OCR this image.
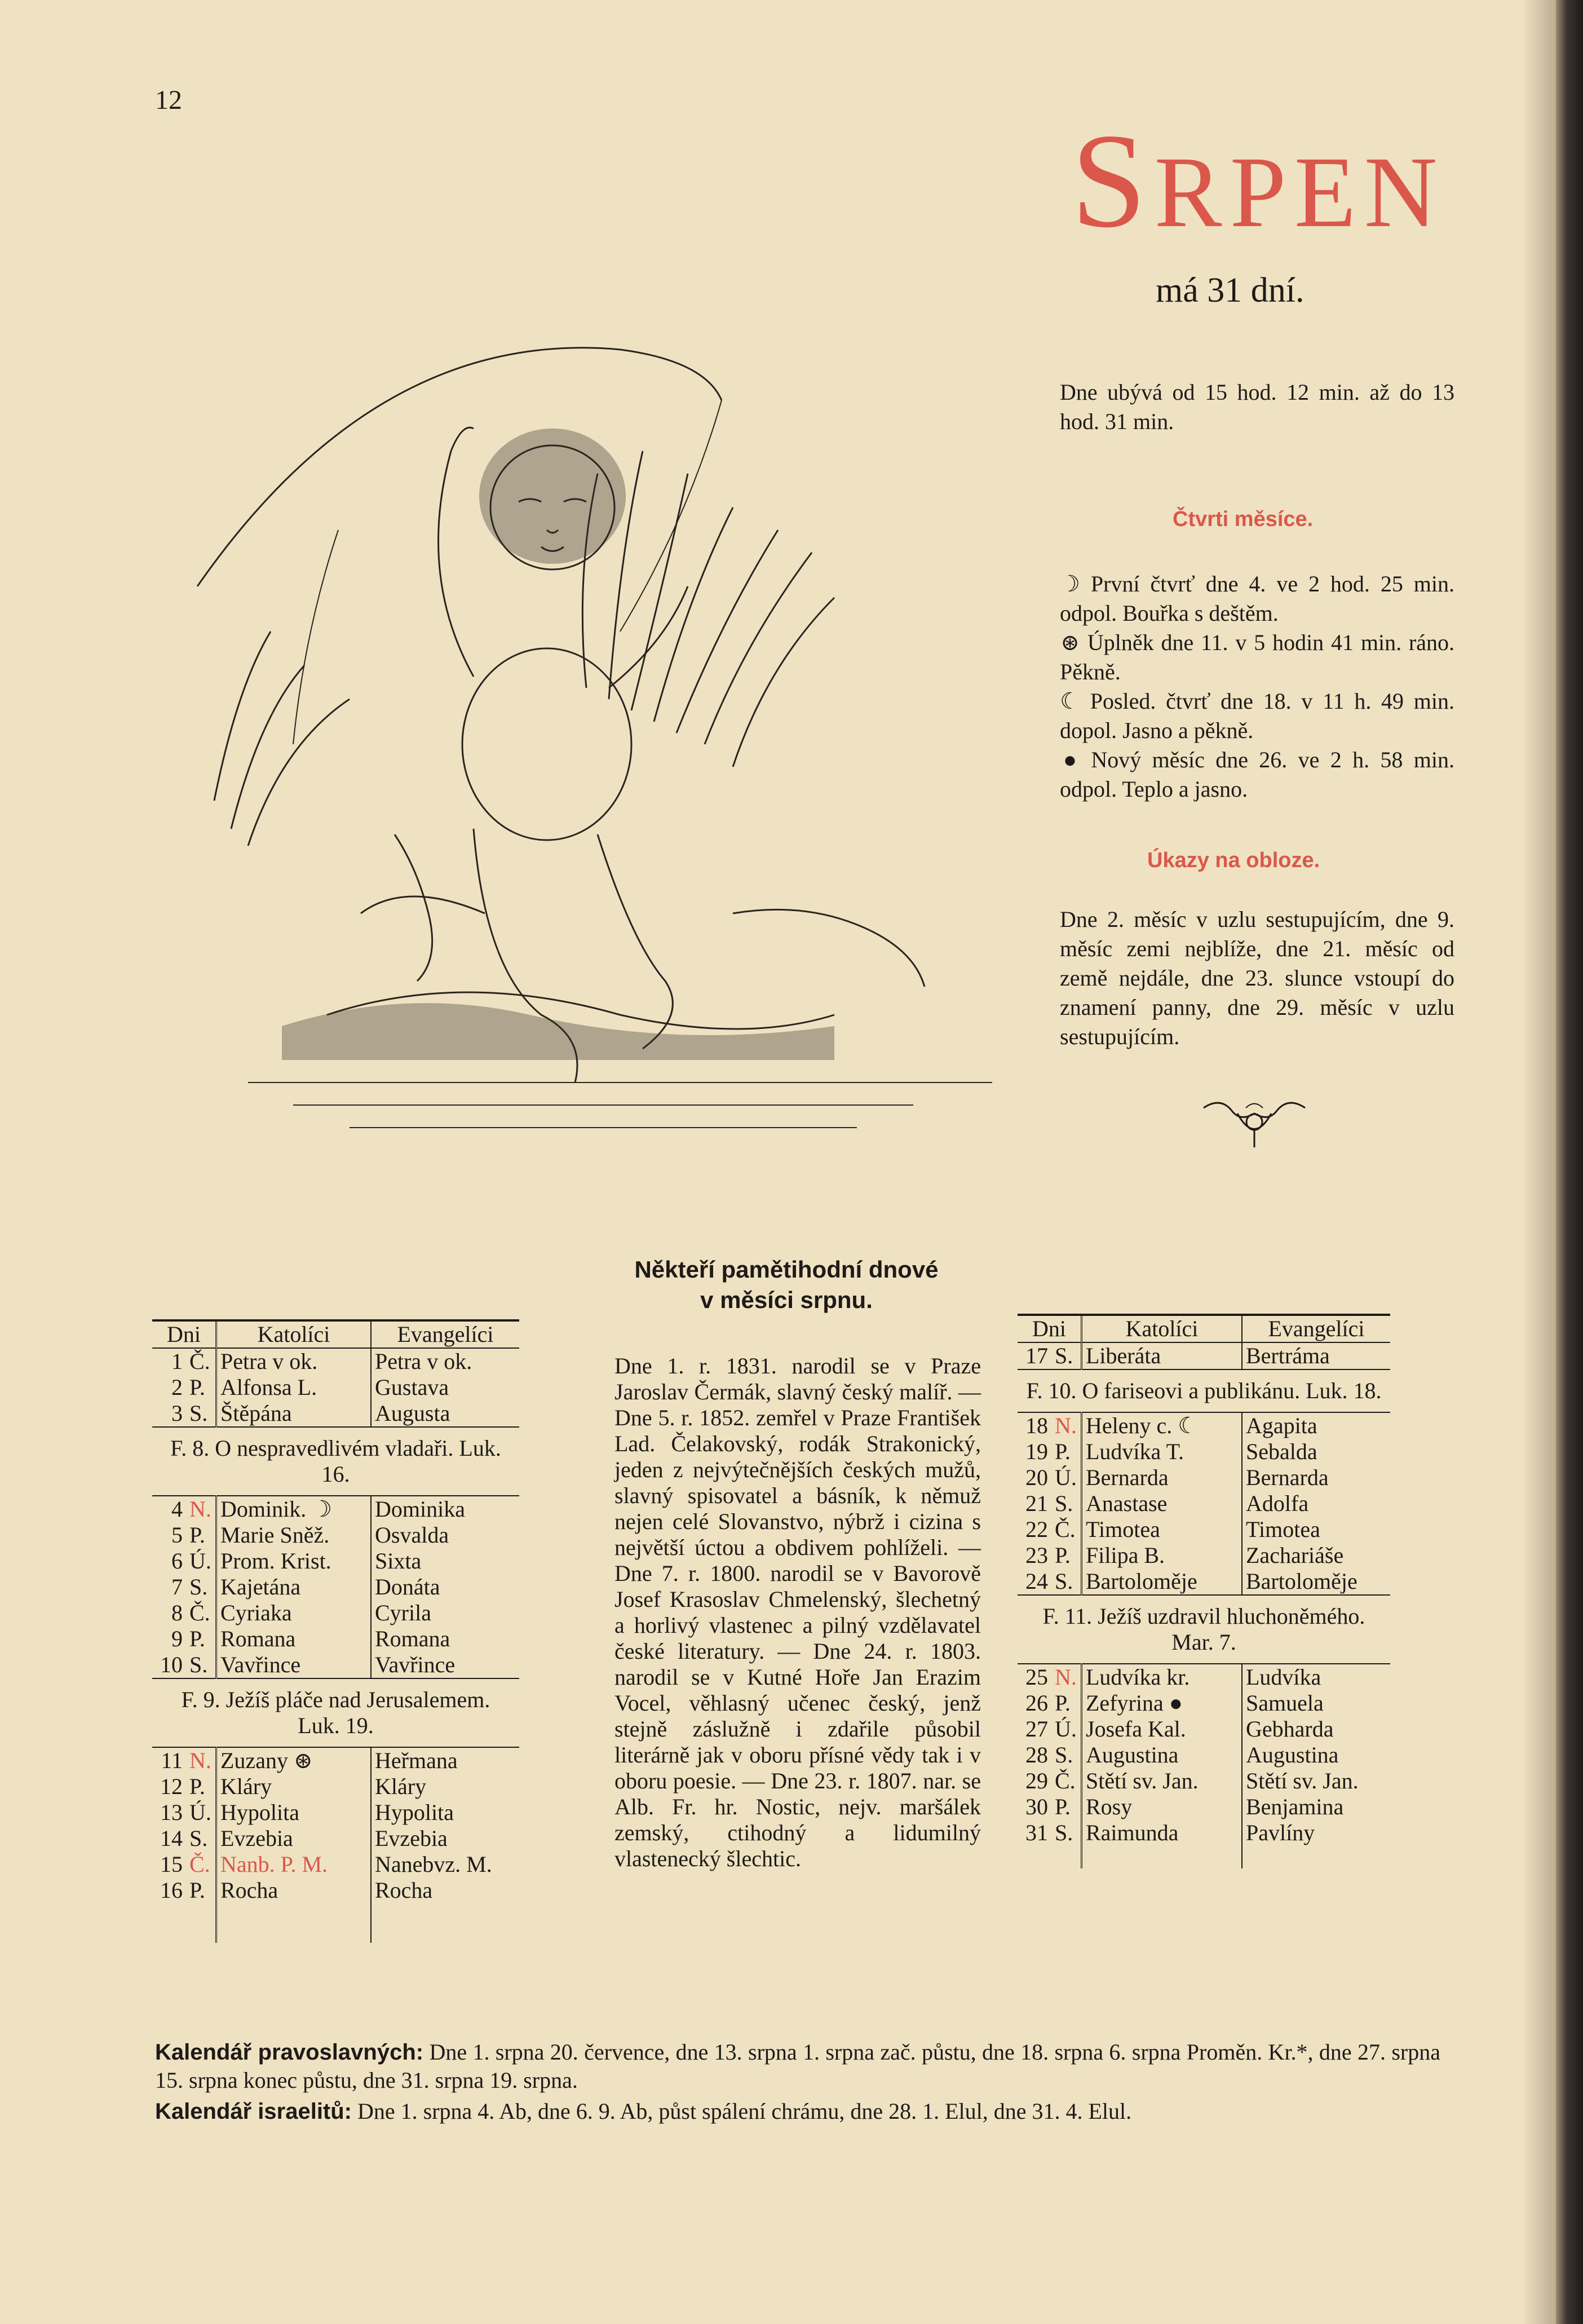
12
SRPEN
má 31 dní.
Dne ubývá od 15 hod. 12 min. až do 13 hod. 31 min.
Čtvrti měsíce.
☽ První čtvrť dne 4. ve 2 hod. 25 min. odpol. Bouřka s deštěm.
⊛ Úplněk dne 11. v 5 hodin 41 min. ráno. Pěkně.
☾ Posled. čtvrť dne 18. v 11 h. 49 min. dopol. Jasno a pěkně.
● Nový měsíc dne 26. ve 2 h. 58 min. odpol. Teplo a jasno.
Úkazy na obloze.
Dne 2. měsíc v uzlu sestupujícím, dne 9. měsíc zemi nejblíže, dne 21. měsíc od země nejdále, dne 23. slunce vstoupí do znamení panny, dne 29. měsíc v uzlu sestupujícím.
Dni		Katolíci	Evangelíci
1	Č.	Petra v ok.	Petra v ok.
2	P.	Alfonsa L.	Gustava
3	S.	Štěpána	Augusta
F. 8. O nespravedlivém vladaři. Luk. 16.			
4	N.	Dominik. ☽	Dominika
5	P.	Marie Sněž.	Osvalda
6	Ú.	Prom. Krist.	Sixta
7	S.	Kajetána	Donáta
8	Č.	Cyriaka	Cyrila
9	P.	Romana	Romana
10	S.	Vavřince	Vavřince
F. 9. Ježíš pláče nad Jerusalemem. Luk. 19.			
11	N.	Zuzany ⊛	Heřmana
12	P.	Kláry	Kláry
13	Ú.	Hypolita	Hypolita
14	S.	Evzebia	Evzebia
15	Č.	Nanb. P. M.	Nanebvz. M.
16	P.	Rocha	Rocha

Někteří pamětihodní dnové v měsíci srpnu.
Dne 1. r. 1831. narodil se v Praze Jaroslav Čermák, slavný český malíř. — Dne 5. r. 1852. zemřel v Praze František Lad. Čelakovský, rodák Strakonický, jeden z nejvýtečnějších českých mužů, slavný spisovatel a básník, k němuž nejen celé Slovanstvo, nýbrž i cizina s největší úctou a obdivem pohlíželi. — Dne 7. r. 1800. narodil se v Bavorově Josef Krasoslav Chmelenský, šlechetný a horlivý vlastenec a pilný vzdělavatel české literatury. — Dne 24. r. 1803. narodil se v Kutné Hoře Jan Erazim Vocel, věhlasný učenec český, jenž stejně záslužně i zdařile působil literárně jak v oboru přísné vědy tak i v oboru poesie. — Dne 23. r. 1807. nar. se Alb. Fr. hr. Nostic, nejv. maršálek zemský, ctihodný a lidumilný vlastenecký šlechtic.
Dni		Katolíci	Evangelíci
17	S.	Liberáta	Bertráma
F. 10. O fariseovi a publikánu. Luk. 18.			
18	N.	Heleny c. ☾	Agapita
19	P.	Ludvíka T.	Sebalda
20	Ú.	Bernarda	Bernarda
21	S.	Anastase	Adolfa
22	Č.	Timotea	Timotea
23	P.	Filipa B.	Zachariáše
24	S.	Bartoloměje	Bartoloměje
F. 11. Ježíš uzdravil hluchoněmého. Mar. 7.			
25	N.	Ludvíka kr.	Ludvíka
26	P.	Zefyrina ●	Samuela
27	Ú.	Josefa Kal.	Gebharda
28	S.	Augustina	Augustina
29	Č.	Stětí sv. Jan.	Stětí sv. Jan.
30	P.	Rosy	Benjamina
31	S.	Raimunda	Pavlíny

Kalendář pravoslavných: Dne 1. srpna 20. července, dne 13. srpna 1. srpna zač. půstu, dne 18. srpna 6. srpna Proměn. Kr.*, dne 27. srpna 15. srpna konec půstu, dne 31. srpna 19. srpna.
Kalendář israelitů: Dne 1. srpna 4. Ab, dne 6. 9. Ab, půst spálení chrámu, dne 28. 1. Elul, dne 31. 4. Elul.
